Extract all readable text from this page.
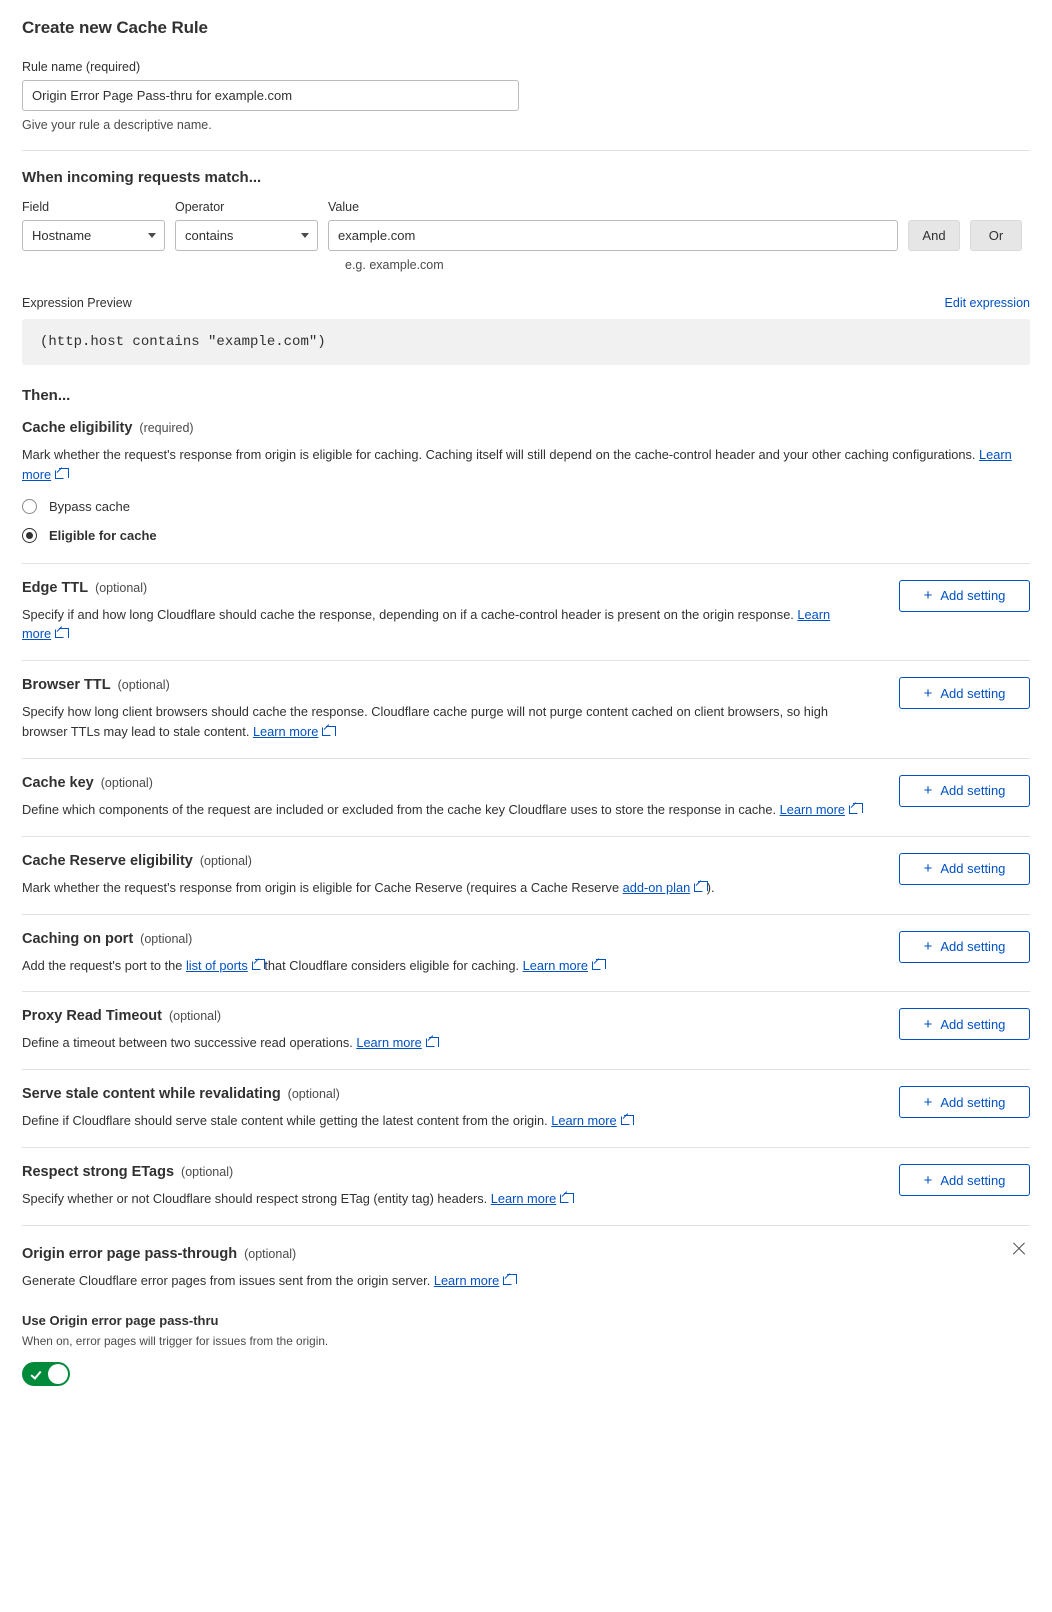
Create new Cache Rule
Rule name (required)
Origin Error Page Pass-thru for example.com
Give your rule a descriptive name.
When incoming requests match...
Field
Hostname
Operator
contains
Value
example.com
And	Or
e.g. example.com
Expression Preview	Edit expression
(http.host contains "example.com")
Then...
Cache eligibility (required)
Mark whether the request's response from origin is eligible for caching. Caching itself will still depend on the cache-control header and your other caching configurations. Learn more
Bypass cache
Eligible for cache
Edge TTL (optional)
Specify if and how long Cloudflare should cache the response, depending on if a cache-control header is present on the origin response. Learn more
+ Add setting
Browser TTL (optional)
Specify how long client browsers should cache the response. Cloudflare cache purge will not purge content cached on client browsers, so high browser TTLs may lead to stale content. Learn more
+ Add setting
Cache key (optional)
Define which components of the request are included or excluded from the cache key Cloudflare uses to store the response in cache. Learn more
+ Add setting
Cache Reserve eligibility (optional)
Mark whether the request's response from origin is eligible for Cache Reserve (requires a Cache Reserve add-on plan ).
+ Add setting
Caching on port (optional)
Add the request's port to the list of ports that Cloudflare considers eligible for caching. Learn more
+ Add setting
Proxy Read Timeout (optional)
Define a timeout between two successive read operations. Learn more
+ Add setting
Serve stale content while revalidating (optional)
Define if Cloudflare should serve stale content while getting the latest content from the origin. Learn more
+ Add setting
Respect strong ETags (optional)
Specify whether or not Cloudflare should respect strong ETag (entity tag) headers. Learn more
+ Add setting
Origin error page pass-through (optional)
Generate Cloudflare error pages from issues sent from the origin server. Learn more
Use Origin error page pass-thru
When on, error pages will trigger for issues from the origin.
